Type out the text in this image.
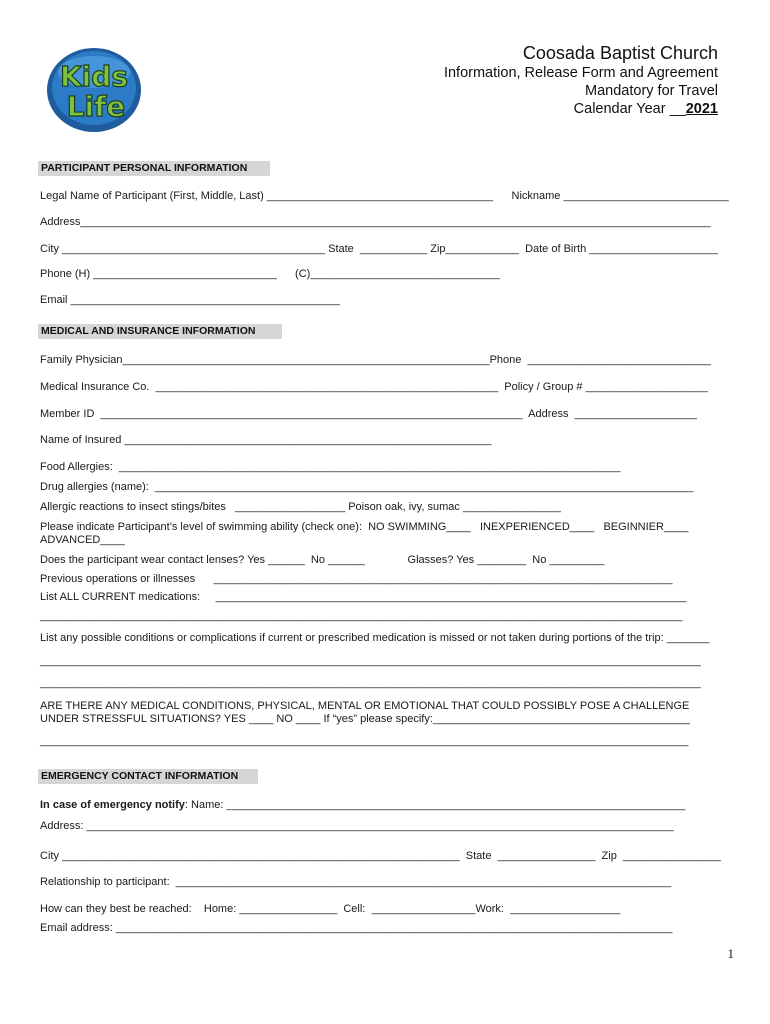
Kids
Life
Coosada Baptist Church
Information, Release Form and Agreement
Mandatory for Travel
Calendar Year __2021
PARTICIPANT PERSONAL INFORMATION
Legal Name of Participant (First, Middle, Last) _____________________________________      Nickname ___________________________
Address_______________________________________________________________________________________________________
City ___________________________________________ State  ___________ Zip____________  Date of Birth _____________________
Phone (H) ______________________________      (C)_______________________________
Email ____________________________________________
MEDICAL AND INSURANCE INFORMATION
Family Physician____________________________________________________________Phone  ______________________________
Medical Insurance Co.  ________________________________________________________  Policy / Group # ____________________
Member ID  _____________________________________________________________________  Address  ____________________
Name of Insured ____________________________________________________________
Food Allergies:  __________________________________________________________________________________
Drug allergies (name):  ________________________________________________________________________________________
Allergic reactions to insect stings/bites   __________________ Poison oak, ivy, sumac ________________
Please indicate Participant’s level of swimming ability (check one):  NO SWIMMING____   INEXPERIENCED____   BEGINNIER____
ADVANCED____
Does the participant wear contact lenses? Yes ______  No ______              Glasses? Yes ________  No _________
Previous operations or illnesses      ___________________________________________________________________________
List ALL CURRENT medications:     _____________________________________________________________________________
_________________________________________________________________________________________________________
List any possible conditions or complications if current or prescribed medication is missed or not taken during portions of the trip: _______
____________________________________________________________________________________________________________
____________________________________________________________________________________________________________
ARE THERE ANY MEDICAL CONDITIONS, PHYSICAL, MENTAL OR EMOTIONAL THAT COULD POSSIBLY POSE A CHALLENGE
UNDER STRESSFUL SITUATIONS? YES ____ NO ____ If “yes” please specify:__________________________________________
__________________________________________________________________________________________________________
EMERGENCY CONTACT INFORMATION
In case of emergency notify: Name: ___________________________________________________________________________
Address: ________________________________________________________________________________________________
City _________________________________________________________________  State  ________________  Zip  ________________
Relationship to participant:  _________________________________________________________________________________
How can they best be reached:    Home: ________________  Cell:  _________________Work:  __________________
Email address: ___________________________________________________________________________________________
1
